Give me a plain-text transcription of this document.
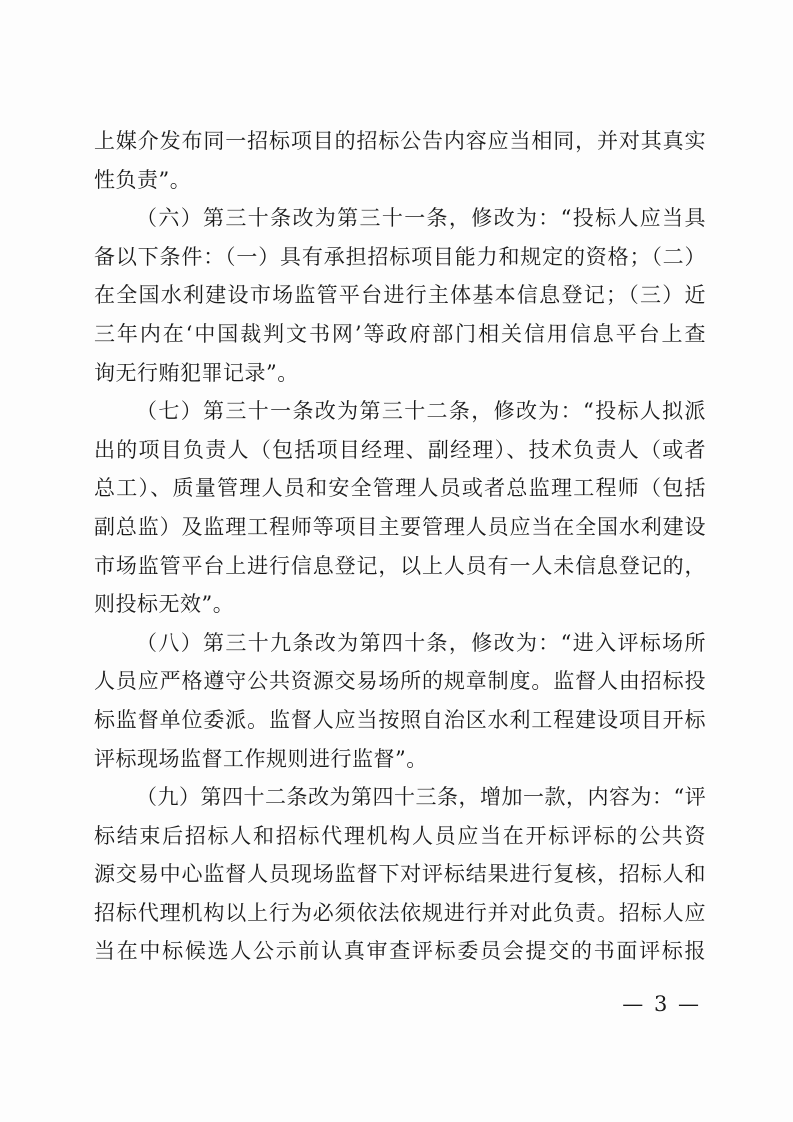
上媒介发布同一招标项目的招标公告内容应当相同，并对其真实
性负责”。
（六）第三十条改为第三十一条，修改为：“投标人应当具
备以下条件：（一）具有承担招标项目能力和规定的资格；（二）
在全国水利建设市场监管平台进行主体基本信息登记；（三）近
三年内在‘中国裁判文书网’等政府部门相关信用信息平台上查
询无行贿犯罪记录”。
（七）第三十一条改为第三十二条，修改为：“投标人拟派
出的项目负责人（包括项目经理、副经理）、技术负责人（或者
总工）、质量管理人员和安全管理人员或者总监理工程师（包括
副总监）及监理工程师等项目主要管理人员应当在全国水利建设
市场监管平台上进行信息登记，以上人员有一人未信息登记的，
则投标无效”。
（八）第三十九条改为第四十条，修改为：“进入评标场所
人员应严格遵守公共资源交易场所的规章制度。监督人由招标投
标监督单位委派。监督人应当按照自治区水利工程建设项目开标
评标现场监督工作规则进行监督”。
（九）第四十二条改为第四十三条，增加一款，内容为：“评
标结束后招标人和招标代理机构人员应当在开标评标的公共资
源交易中心监督人员现场监督下对评标结果进行复核，招标人和
招标代理机构以上行为必须依法依规进行并对此负责。招标人应
当在中标候选人公示前认真审查评标委员会提交的书面评标报
— 3 —
